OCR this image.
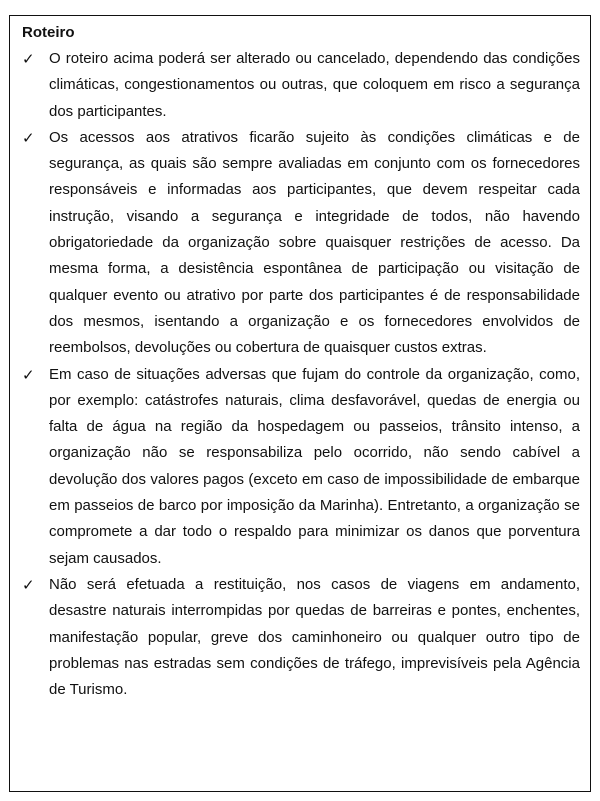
Roteiro
✓ O roteiro acima poderá ser alterado ou cancelado, dependendo das condições climáticas, congestionamentos ou outras, que coloquem em risco a segurança dos participantes.
✓ Os acessos aos atrativos ficarão sujeito às condições climáticas e de segurança, as quais são sempre avaliadas em conjunto com os fornecedores responsáveis e informadas aos participantes, que devem respeitar cada instrução, visando a segurança e integridade de todos, não havendo obrigatoriedade da organização sobre quaisquer restrições de acesso. Da mesma forma, a desistência espontânea de participação ou visitação de qualquer evento ou atrativo por parte dos participantes é de responsabilidade dos mesmos, isentando a organização e os fornecedores envolvidos de reembolsos, devoluções ou cobertura de quaisquer custos extras.
✓ Em caso de situações adversas que fujam do controle da organização, como, por exemplo: catástrofes naturais, clima desfavorável, quedas de energia ou falta de água na região da hospedagem ou passeios, trânsito intenso, a organização não se responsabiliza pelo ocorrido, não sendo cabível a devolução dos valores pagos (exceto em caso de impossibilidade de embarque em passeios de barco por imposição da Marinha). Entretanto, a organização se compromete a dar todo o respaldo para minimizar os danos que porventura sejam causados.
✓ Não será efetuada a restituição, nos casos de viagens em andamento, desastre naturais interrompidas por quedas de barreiras e pontes, enchentes, manifestação popular, greve dos caminhoneiro ou qualquer outro tipo de problemas nas estradas sem condições de tráfego, imprevisíveis pela Agência de Turismo.
